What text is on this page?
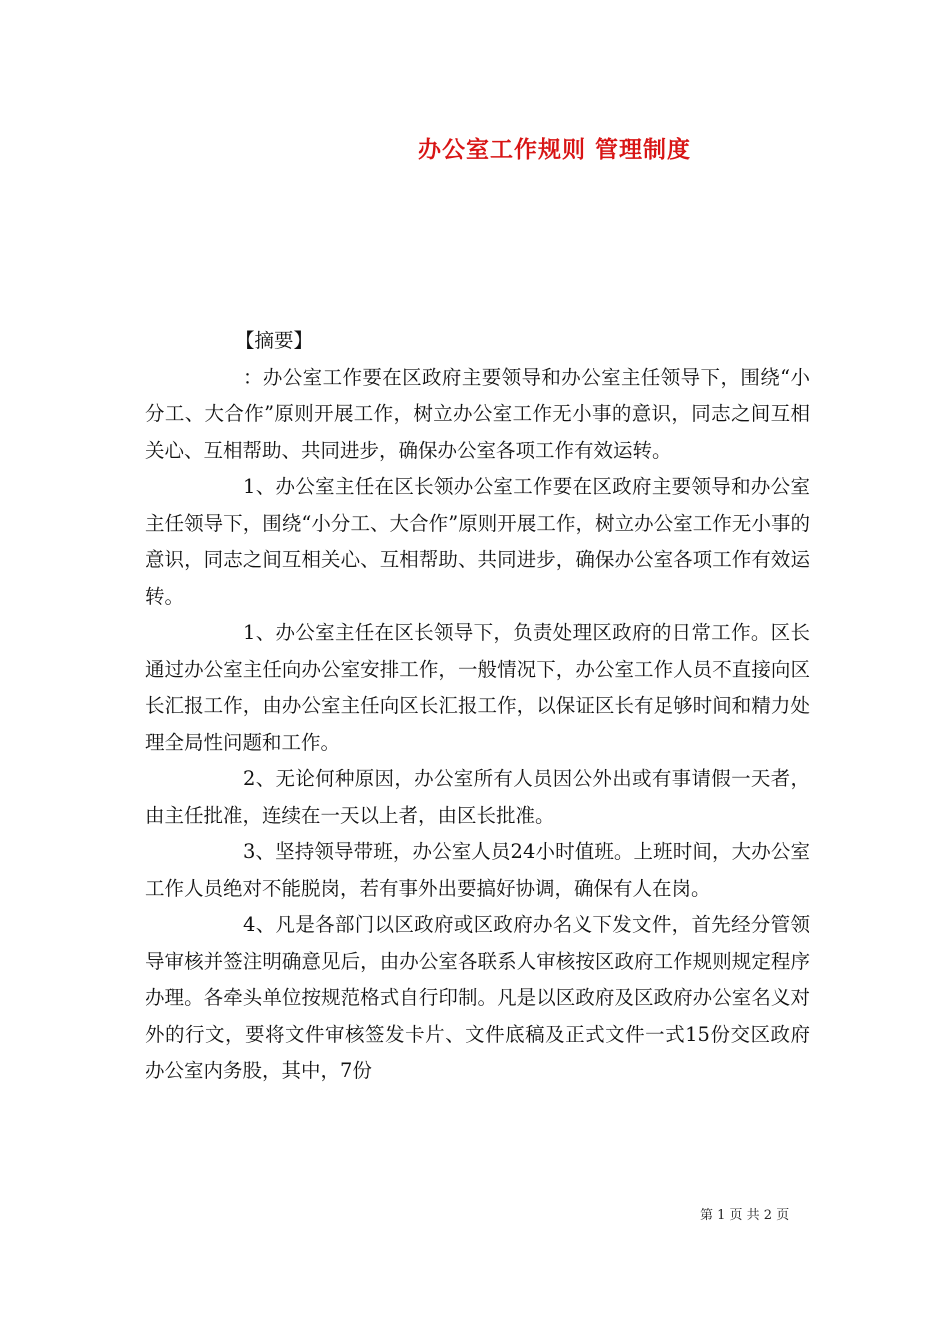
办公室工作规则 管理制度

【摘要】

：办公室工作要在区政府主要领导和办公室主任领导下，围绕“小分工、大合作”原则开展工作，树立办公室工作无小事的意识，同志之间互相关心、互相帮助、共同进步，确保办公室各项工作有效运转。

1、办公室主任在区长领办公室工作要在区政府主要领导和办公室主任领导下，围绕“小分工、大合作”原则开展工作，树立办公室工作无小事的意识，同志之间互相关心、互相帮助、共同进步，确保办公室各项工作有效运转。

1、办公室主任在区长领导下，负责处理区政府的日常工作。区长通过办公室主任向办公室安排工作，一般情况下，办公室工作人员不直接向区长汇报工作，由办公室主任向区长汇报工作，以保证区长有足够时间和精力处理全局性问题和工作。

2、无论何种原因，办公室所有人员因公外出或有事请假一天者，由主任批准，连续在一天以上者，由区长批准。

3、坚持领导带班，办公室人员24小时值班。上班时间，大办公室工作人员绝对不能脱岗，若有事外出要搞好协调，确保有人在岗。

4、凡是各部门以区政府或区政府办名义下发文件，首先经分管领导审核并签注明确意见后，由办公室各联系人审核按区政府工作规则规定程序办理。各牵头单位按规范格式自行印制。凡是以区政府及区政府办公室名义对外的行文，要将文件审核签发卡片、文件底稿及正式文件一式15份交区政府办公室内务股，其中，7份

第 1 页 共 2 页
